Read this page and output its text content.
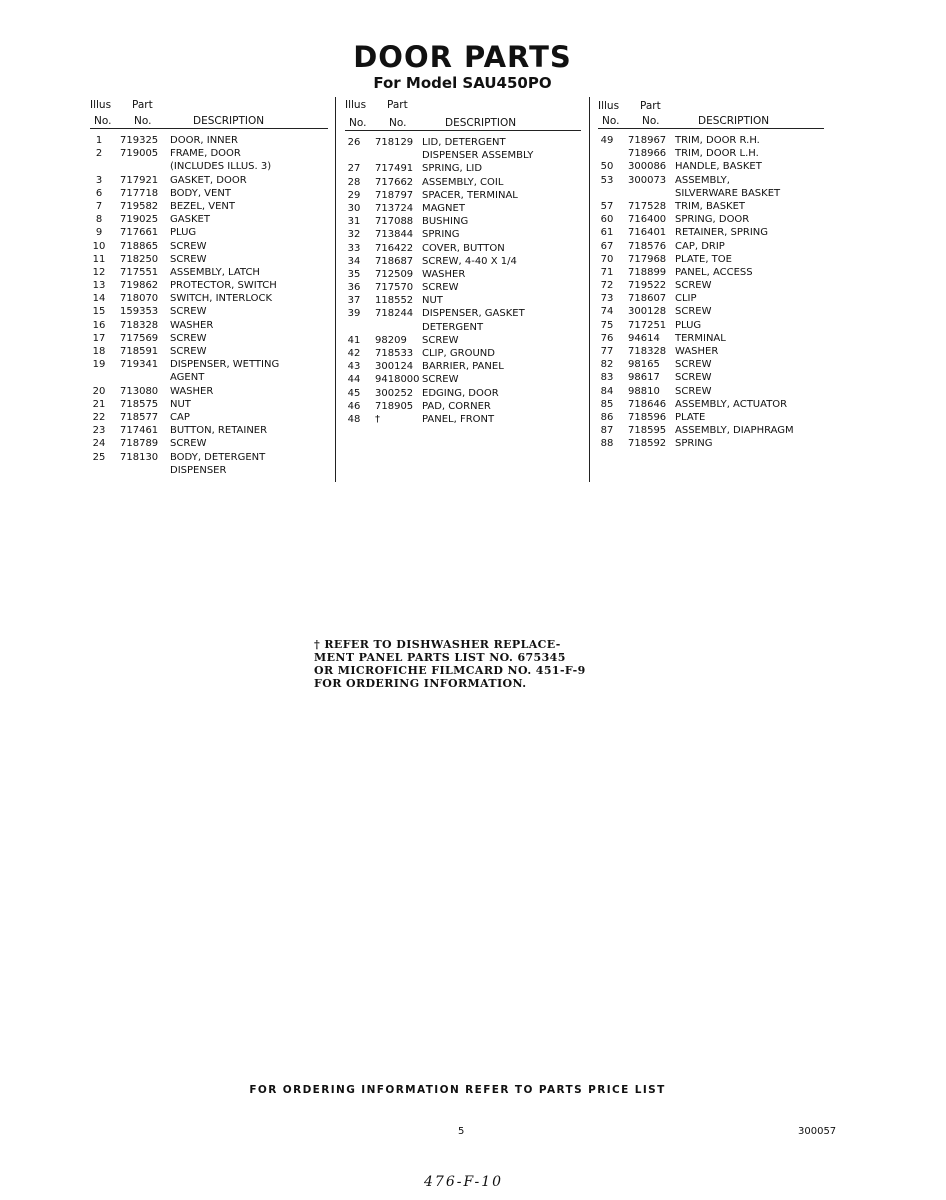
DOOR PARTS
For Model SAU450PO
Illus Part
No. No.	DESCRIPTION
1	719325 DOOR, INNER
2	719005 FRAME, DOOR
(INCLUDES ILLUS. 3)
3	717921 GASKET, DOOR
6	717718 BODY, VENT
7	719582 BEZEL, VENT
8	719025 GASKET
9	717661 PLUG
10 718865 SCREW
11 718250 SCREW
12 717551 ASSEMBLY, LATCH
13 719862 PROTECTOR, SWITCH
14 718070 SWITCH, INTERLOCK
15 159353 SCREW
16 718328 WASHER
17 717569 SCREW
18 718591 SCREW
19 719341 DISPENSER, WETTING
AGENT
20 713080 WASHER
21 718575 NUT
22 718577 CAP
23 717461 BUTTON, RETAINER
24 718789 SCREW
25 718130 BODY, DETERGENT
DISPENSER
Illus Part
No. No.	DESCRIPTION
26 718129 LID, DETERGENT
DISPENSER ASSEMBLY
27 717491 SPRING, LID
28 717662 ASSEMBLY, COIL
29 718797 SPACER, TERMINAL
30 713724 MAGNET
31 717088 BUSHING
32 713844 SPRING
33 716422 COVER, BUTTON
34 718687 SCREW, 4-40 X 1/4
35 712509 WASHER
36 717570 SCREW
37 118552 NUT
39 718244 DISPENSER, GASKET
DETERGENT
41 98209 SCREW
42 718533 CLIP, GROUND
43 300124 BARRIER, PANEL
44 9418000 SCREW
45 300252 EDGING, DOOR
46 718905 PAD, CORNER
48 †	PANEL, FRONT
Illus Part
No. No.	DESCRIPTION
49 718967 TRIM, DOOR R.H.
718966 TRIM, DOOR L.H.
50 300086 HANDLE, BASKET
53 300073 ASSEMBLY,
SILVERWARE BASKET
57 717528 TRIM, BASKET
60 716400 SPRING, DOOR
61 716401 RETAINER, SPRING
67 718576 CAP, DRIP
70 717968 PLATE, TOE
71 718899 PANEL, ACCESS
72 719522 SCREW
73 718607 CLIP
74 300128 SCREW
75 717251 PLUG
76 94614 TERMINAL
77 718328 WASHER
82 98165 SCREW
83 98617 SCREW
84 98810 SCREW
85 718646 ASSEMBLY, ACTUATOR
86 718596 PLATE
87 718595 ASSEMBLY, DIAPHRAGM
88 718592 SPRING
† REFER TO DISHWASHER REPLACE-
MENT PANEL PARTS LIST NO. 675345
OR MICROFICHE FILMCARD NO. 451-F-9
FOR ORDERING INFORMATION.
FOR ORDERING INFORMATION REFER TO PARTS PRICE LIST
5	300057
476-F-10
